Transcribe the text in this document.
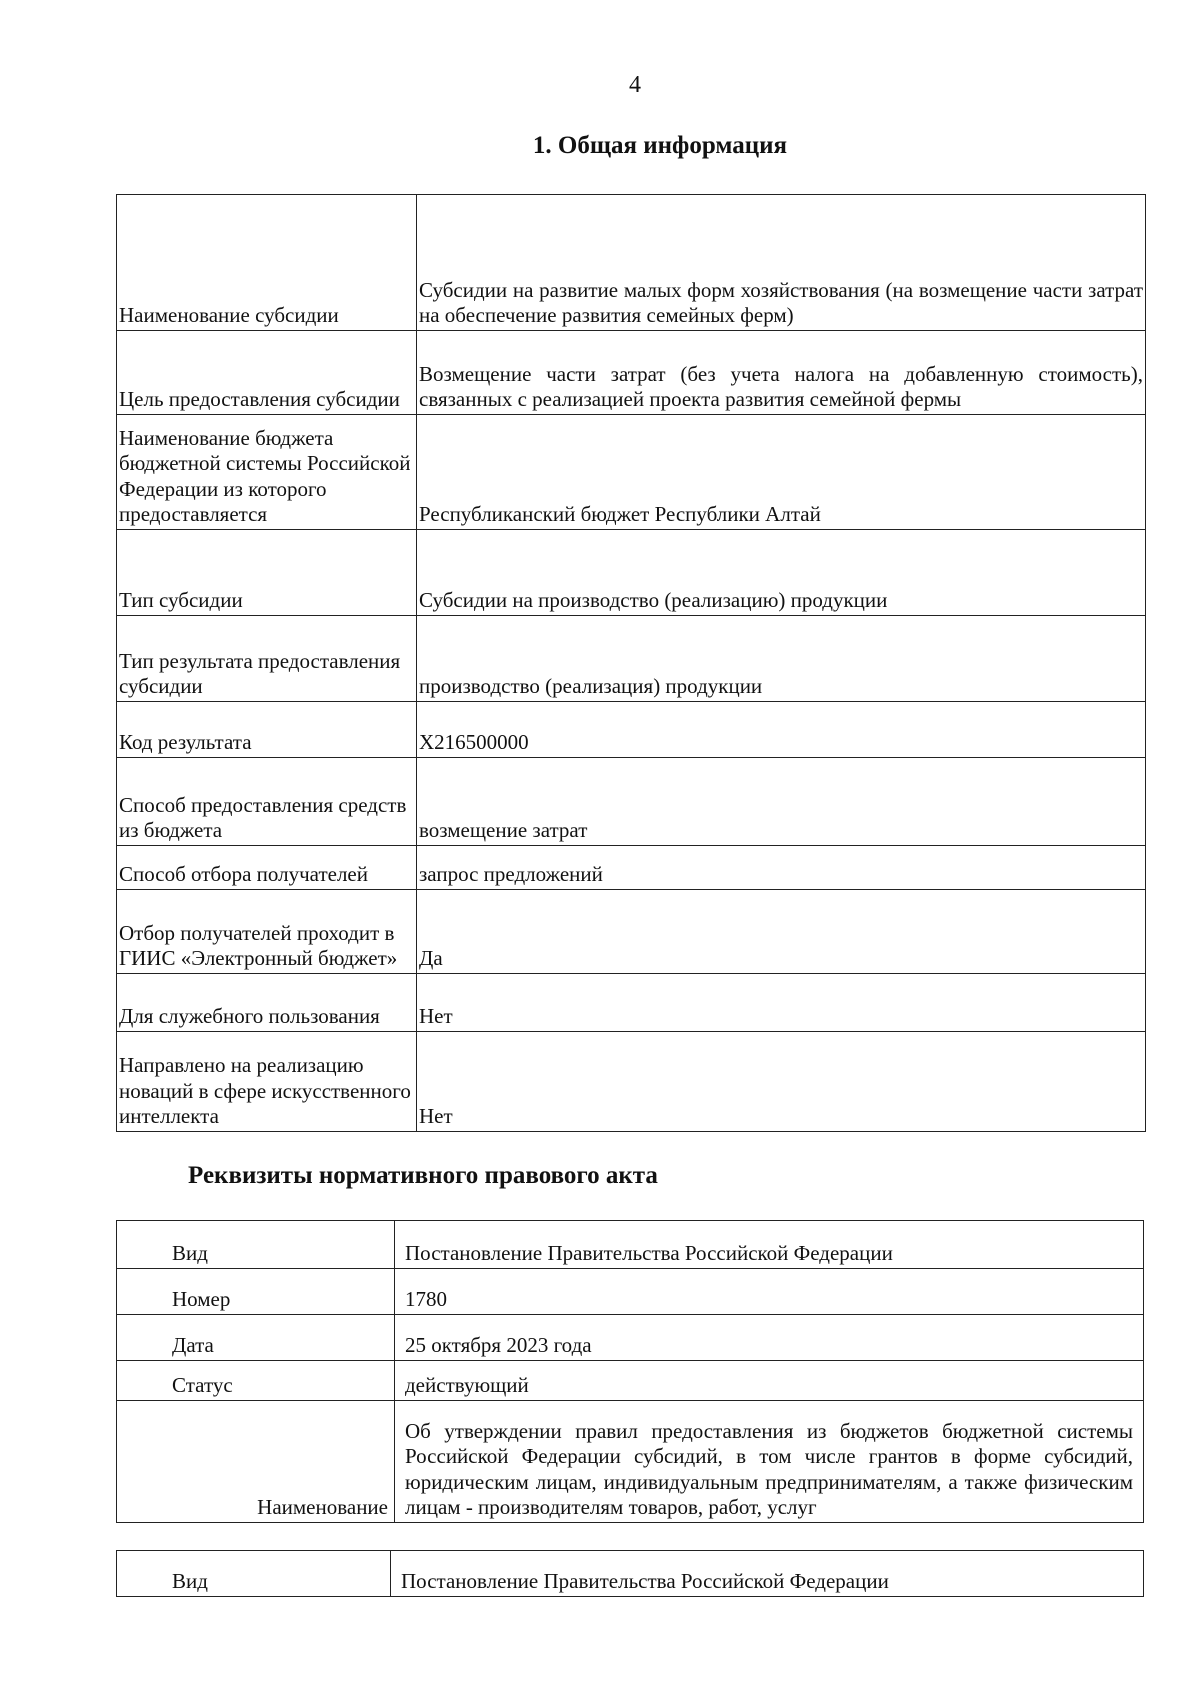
4
1. Общая информация
Наименование субсидии	Субсидии на развитие малых форм хозяйствования (на возмещение части затрат на обеспечение развития семейных ферм)
Цель предоставления субсидии	Возмещение части затрат (без учета налога на добавленную стоимость), связанных с реализацией проекта развития семейной фермы
Наименование бюджета бюджетной системы Российской Федерации из которого предоставляется	Республиканский бюджет Республики Алтай
Тип субсидии	Субсидии на производство (реализацию) продукции
Тип результата предоставления субсидии	производство (реализация) продукции
Код результата	X216500000
Способ предоставления средств из бюджета	возмещение затрат
Способ отбора получателей	запрос предложений
Отбор получателей проходит в ГИИС «Электронный бюджет»	Да
Для служебного пользования	Нет
Направлено на реализацию новаций в сфере искусственного интеллекта	Нет
Реквизиты нормативного правового акта
Вид	Постановление Правительства Российской Федерации
Номер	1780
Дата	25 октября 2023 года
Статус	действующий
Наименование	Об утверждении правил предоставления из бюджетов бюджетной системы Российской Федерации субсидий, в том числе грантов в форме субсидий, юридическим лицам, индивидуальным предпринимателям, а также физическим лицам - производителям товаров, работ, услуг
Вид	Постановление Правительства Российской Федерации
